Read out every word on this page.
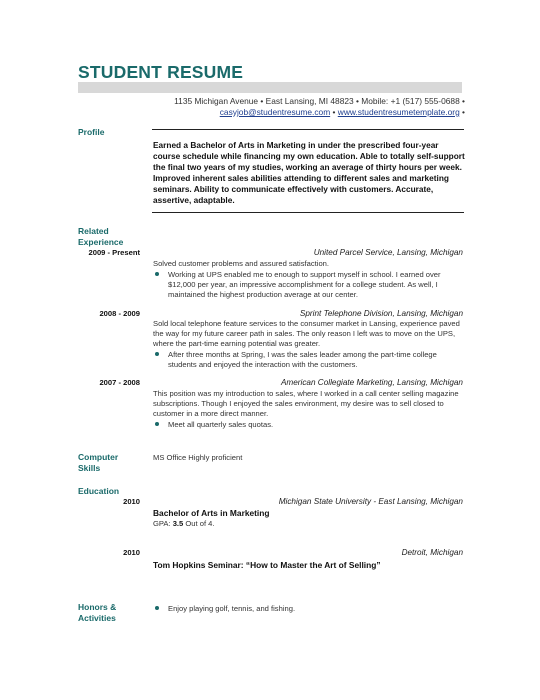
STUDENT RESUME
1135 Michigan Avenue • East Lansing, MI 48823 • Mobile: +1 (517) 555-0688 •
casyjob@studentresume.com • www.studentresumetemplate.org •
Profile
Earned a Bachelor of Arts in Marketing in under the prescribed four-year course schedule while financing my own education. Able to totally self-support the final two years of my studies, working an average of thirty hours per week. Improved inherent sales abilities attending to different sales and marketing seminars. Ability to communicate effectively with customers. Accurate, assertive, adaptable.
Related
Experience
2009 - Present	United Parcel Service, Lansing, Michigan
Solved customer problems and assured satisfaction.
Working at UPS enabled me to enough to support myself in school. I earned over $12,000 per year, an impressive accomplishment for a college student. As well, I maintained the highest production average at our center.
2008 - 2009	Sprint Telephone Division, Lansing, Michigan
Sold local telephone feature services to the consumer market in Lansing, experience paved the way for my future career path in sales. The only reason I left was to move on the UPS, where the part-time earning potential was greater.
After three months at Spring, I was the sales leader among the part-time college students and enjoyed the interaction with the customers.
2007 - 2008	American Collegiate Marketing, Lansing, Michigan
This position was my introduction to sales, where I worked in a call center selling magazine subscriptions. Though I enjoyed the sales environment, my desire was to sell closed to customer in a more direct manner.
Meet all quarterly sales quotas.
Computer
Skills
MS Office Highly proficient
Education
2010	Michigan State University - East Lansing, Michigan
Bachelor of Arts in Marketing
GPA: 3.5 Out of 4.
2010	Detroit, Michigan
Tom Hopkins Seminar: “How to Master the Art of Selling”
Honors &
Activities
Enjoy playing golf, tennis, and fishing.
